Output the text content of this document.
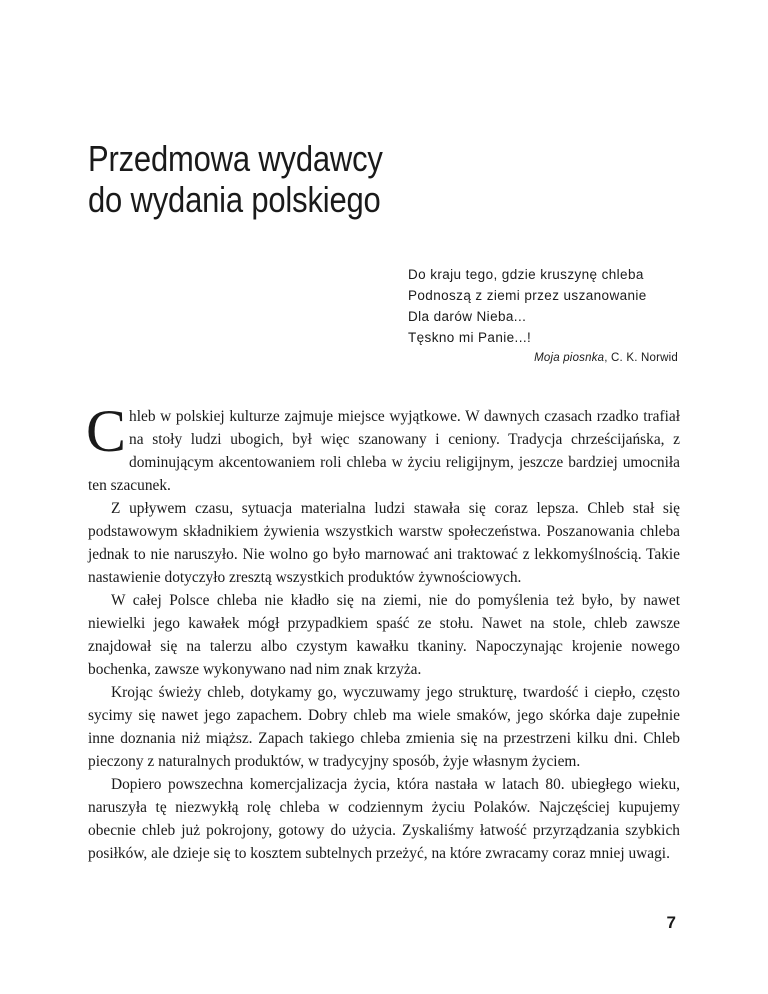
Przedmowa wydawcy
do wydania polskiego
Do kraju tego, gdzie kruszynę chleba
Podnoszą z ziemi przez uszanowanie
Dla darów Nieba...
Tęskno mi Panie...!
Moja piosnka, C. K. Norwid

Chleb w polskiej kulturze zajmuje miejsce wyjątkowe. W dawnych czasach rzadko trafiał na stoły ludzi ubogich, był więc szanowany i ceniony. Tradycja chrześcijańska, z dominującym akcentowaniem roli chleba w życiu religijnym, jeszcze bardziej umocniła ten szacunek.

Z upływem czasu, sytuacja materialna ludzi stawała się coraz lepsza. Chleb stał się podstawowym składnikiem żywienia wszystkich warstw społeczeństwa. Poszanowania chleba jednak to nie naruszyło. Nie wolno go było marnować ani traktować z lekkomyślnością. Takie nastawienie dotyczyło zresztą wszystkich produktów żywnościowych.

W całej Polsce chleba nie kładło się na ziemi, nie do pomyślenia też było, by nawet niewielki jego kawałek mógł przypadkiem spaść ze stołu. Nawet na stole, chleb zawsze znajdował się na talerzu albo czystym kawałku tkaniny. Napoczynając krojenie nowego bochenka, zawsze wykonywano nad nim znak krzyża.

Krojąc świeży chleb, dotykamy go, wyczuwamy jego strukturę, twardość i ciepło, często sycimy się nawet jego zapachem. Dobry chleb ma wiele smaków, jego skórka daje zupełnie inne doznania niż miąższ. Zapach takiego chleba zmienia się na przestrzeni kilku dni. Chleb pieczony z naturalnych produktów, w tradycyjny sposób, żyje własnym życiem.

Dopiero powszechna komercjalizacja życia, która nastała w latach 80. ubiegłego wieku, naruszyła tę niezwykłą rolę chleba w codziennym życiu Polaków. Najczęściej kupujemy obecnie chleb już pokrojony, gotowy do użycia. Zyskaliśmy łatwość przyrządzania szybkich posiłków, ale dzieje się to kosztem subtelnych przeżyć, na które zwracamy coraz mniej uwagi.

7
